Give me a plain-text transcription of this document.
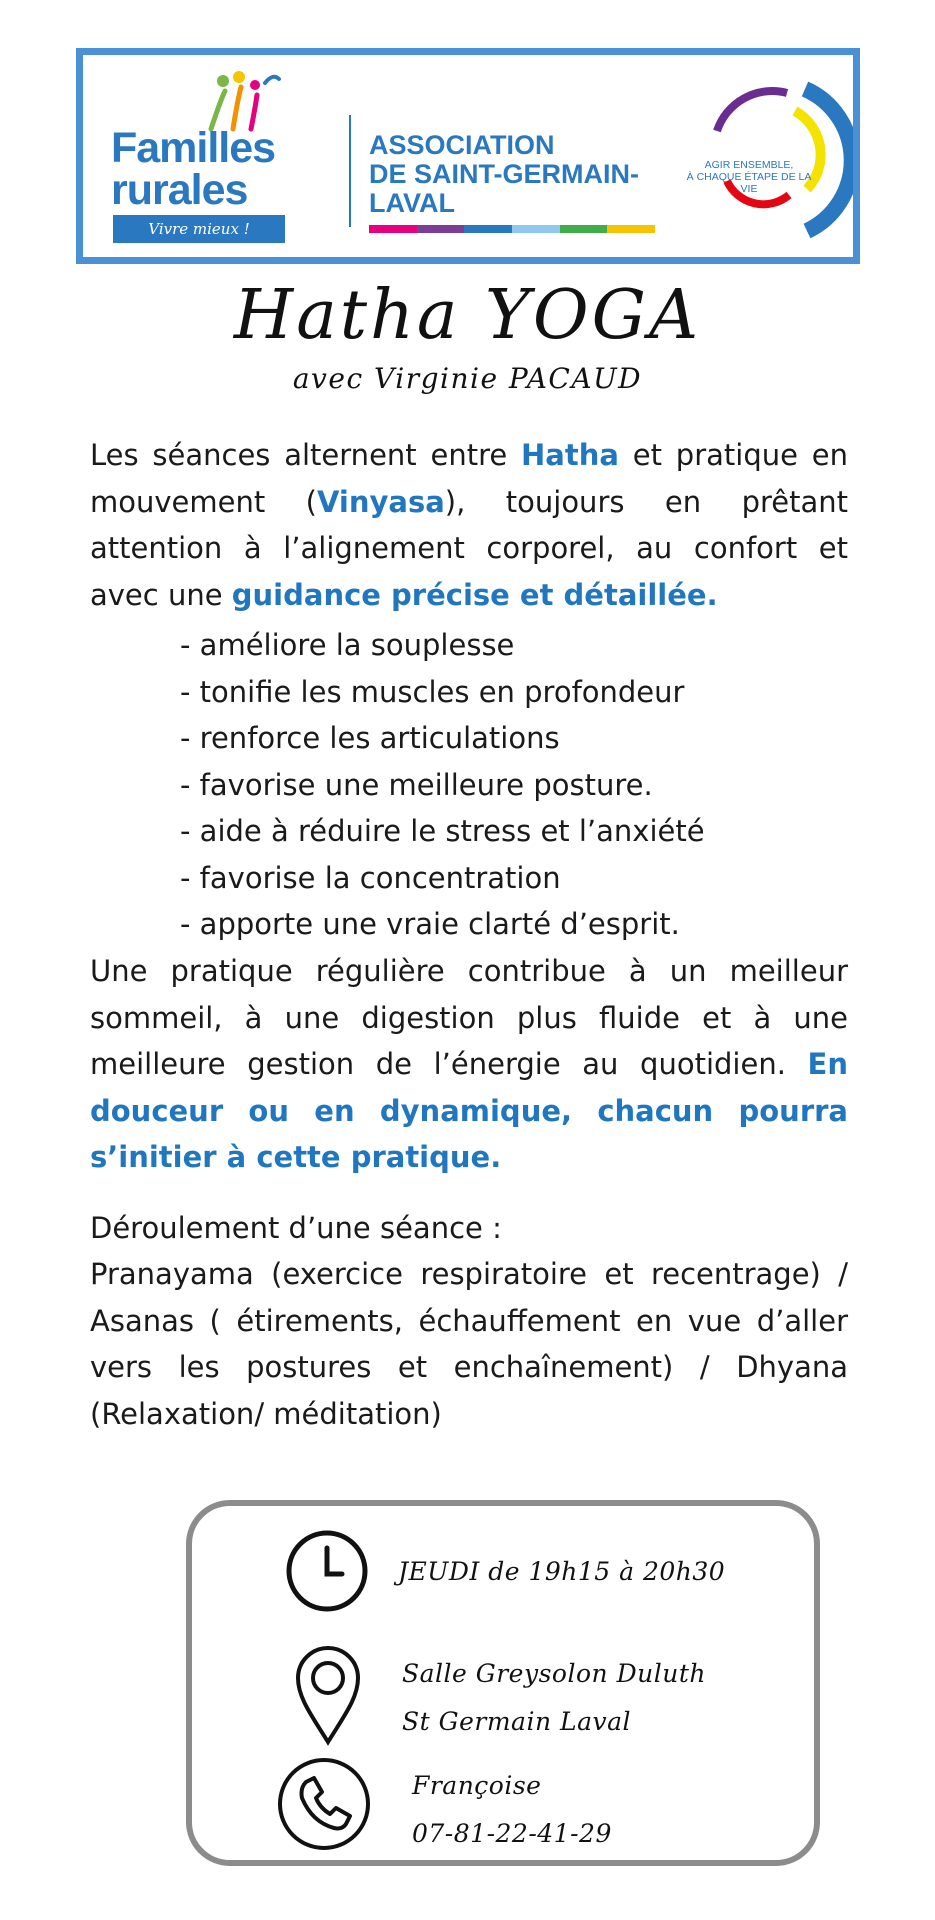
Familles
rurales
Vivre mieux !
ASSOCIATION
DE SAINT-GERMAIN-
LAVAL
AGIR ENSEMBLE,
À CHAQUE ÉTAPE DE LA VIE
Hatha YOGA
avec Virginie PACAUD
Les séances alternent entre Hatha et pratique en mouvement (Vinyasa), toujours en prêtant attention à l’alignement corporel, au confort et avec une guidance précise et détaillée.
- améliore la souplesse
- tonifie les muscles en profondeur
- renforce les articulations
- favorise une meilleure posture.
- aide à réduire le stress et l’anxiété
- favorise la concentration
- apporte une vraie clarté d’esprit.
Une pratique régulière contribue à un meilleur sommeil, à une digestion plus fluide et à une meilleure gestion de l’énergie au quotidien. En douceur ou en dynamique, chacun pourra s’initier à cette pratique.
Déroulement d’une séance :
Pranayama (exercice respiratoire et recentrage) / Asanas ( étirements, échauffement en vue d’aller vers les postures et enchaînement) / Dhyana (Relaxation/ méditation)
JEUDI de 19h15 à 20h30
Salle Greysolon Duluth
St Germain Laval
Françoise
07-81-22-41-29
